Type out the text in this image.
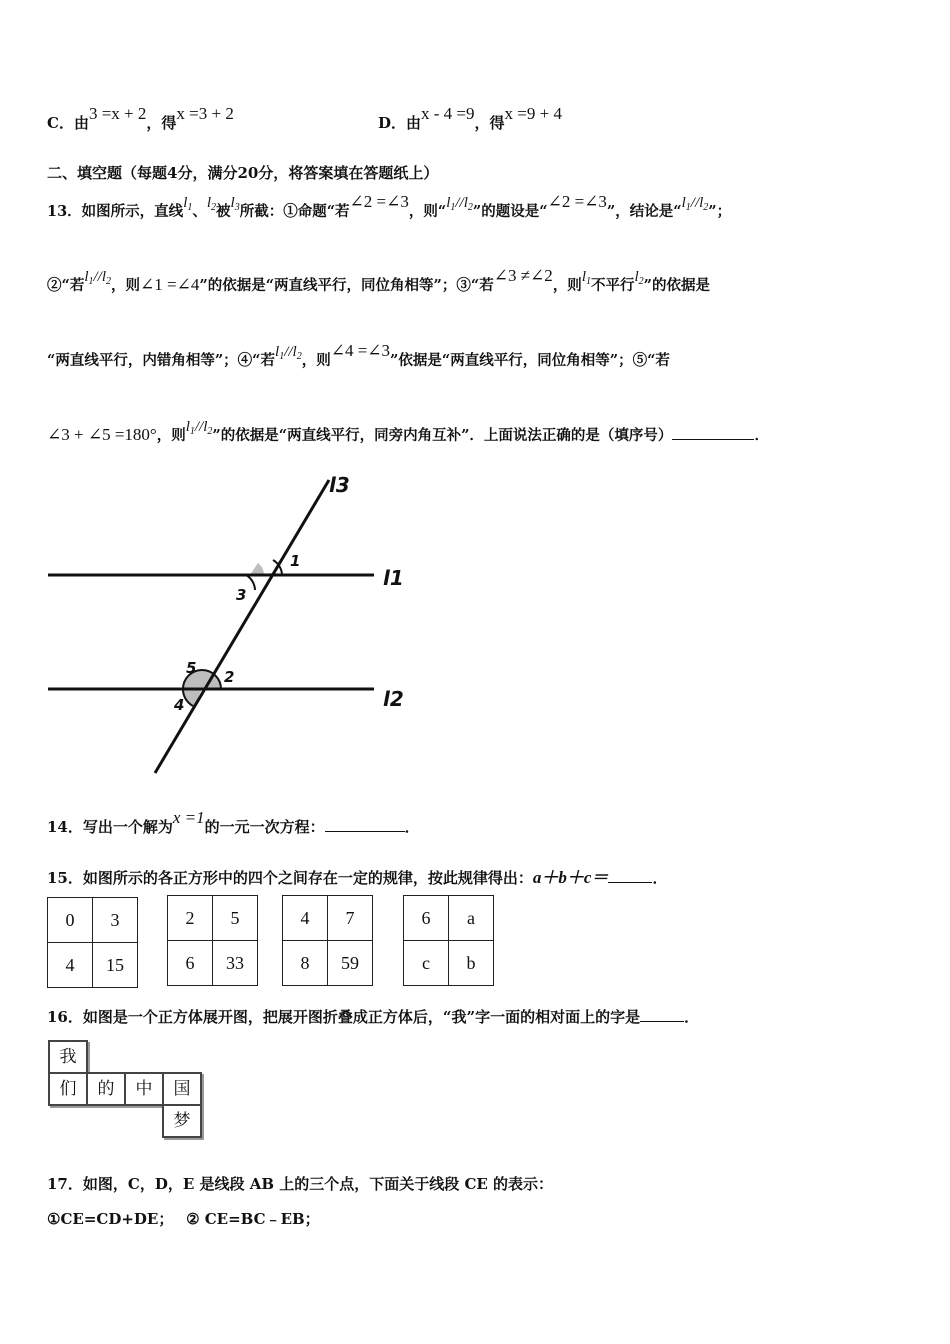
C．由3 =x + 2，得x =3 + 2	D．由x - 4 =9，得x =9 + 4
二、填空题（每题4分，满分20分，将答案填在答题纸上）
13．如图所示，直线$l_1$、$l_2$被$l_3$所截：①命题“若∠2 =∠3，则“$l_1//l_2$”的题设是“∠2 =∠3”，结论是“$l_1//l_2$”；
②“若$l_1//l_2$，则∠1 =∠4”的依据是“两直线平行，同位角相等”；③“若∠3 ≠∠2，则$l_1$不平行$l_2$”的依据是
“两直线平行，内错角相等”；④“若$l_1//l_2$，则∠4 =∠3”依据是“两直线平行，同位角相等”；⑤“若
∠3 + ∠5 =180°，则$l_1//l_2$”的依据是“两直线平行，同旁内角互补”．上面说法正确的是（填序号）	．
l3
l1
l2
1
3
5 2
4
14．写出一个解为x =1的一元一次方程：	．
15．如图所示的各正方形中的四个之间存在一定的规律，按此规律得出：a＋b＋c＝	．
0	3
4	15
2	5
6	33
4	7
8	59
6	a
c	b
16．如图是一个正方体展开图，把展开图折叠成正方体后，“我”字一面的相对面上的字是	．
我
们	的	中	国
梦
17．如图，C，D，E 是线段 AB 上的三个点，下面关于线段 CE 的表示：
①CE=CD+DE；　 ② CE=BC﹣EB；
